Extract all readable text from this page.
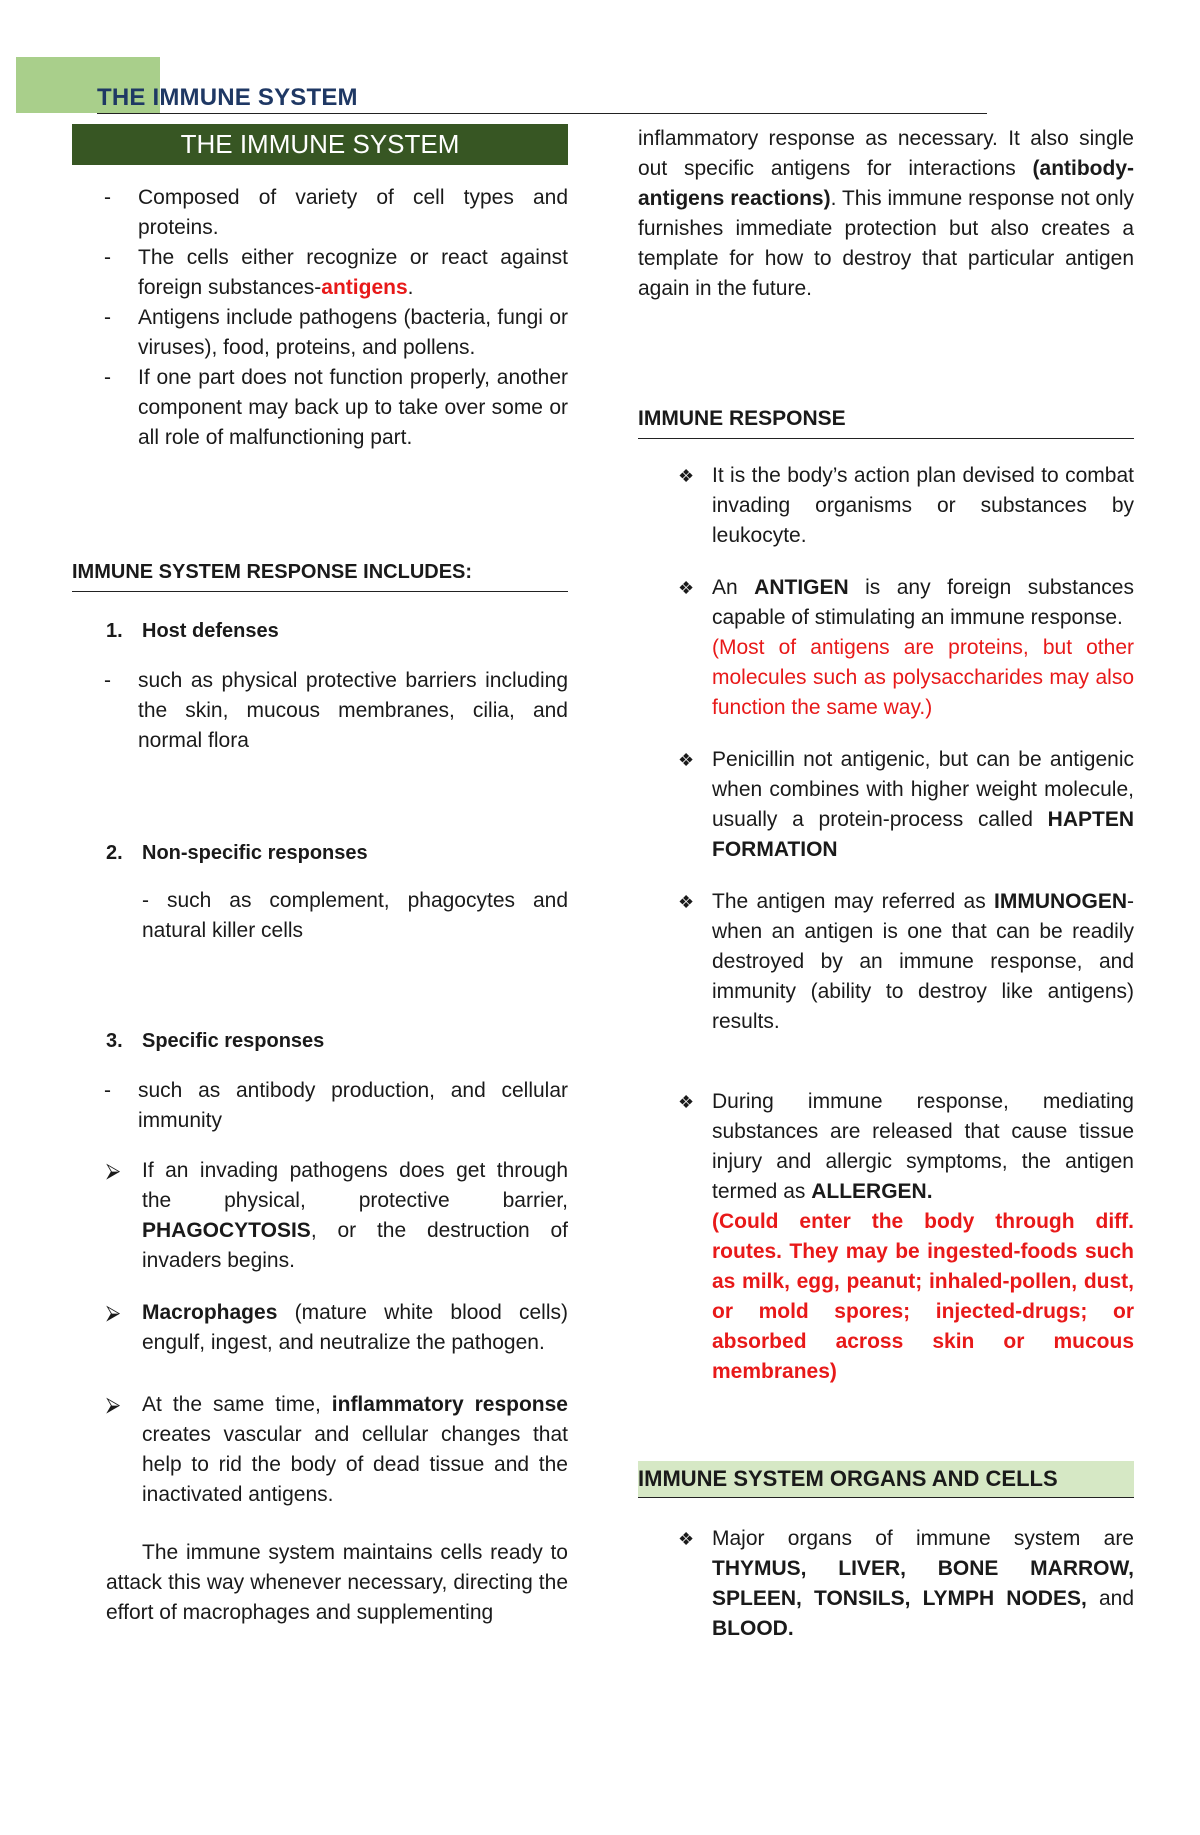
THE IMMUNE SYSTEM
THE IMMUNE SYSTEM
-	Composed of variety of cell types and proteins.
-	The cells either recognize or react against foreign substances-antigens.
-	Antigens include pathogens (bacteria, fungi or viruses), food, proteins, and pollens.
-	If one part does not function properly, another component may back up to take over some or all role of malfunctioning part.
IMMUNE SYSTEM RESPONSE INCLUDES:
1. Host defenses
-	such as physical protective barriers including the skin, mucous membranes, cilia, and normal flora
2. Non-specific responses
- such as complement, phagocytes and natural killer cells
3. Specific responses
-	such as antibody production, and cellular immunity
⮚	If an invading pathogens does get through the physical, protective barrier, PHAGOCYTOSIS, or the destruction of invaders begins.
⮚	Macrophages (mature white blood cells) engulf, ingest, and neutralize the pathogen.
⮚	At the same time, inflammatory response creates vascular and cellular changes that help to rid the body of dead tissue and the inactivated antigens.
The immune system maintains cells ready to attack this way whenever necessary, directing the effort of macrophages and supplementing
inflammatory response as necessary. It also single out specific antigens for interactions (antibody-antigens reactions). This immune response not only furnishes immediate protection but also creates a template for how to destroy that particular antigen again in the future.
IMMUNE RESPONSE
❖ It is the body’s action plan devised to combat invading organisms or substances by leukocyte.
❖ An ANTIGEN is any foreign substances capable of stimulating an immune response.
(Most of antigens are proteins, but other molecules such as polysaccharides may also function the same way.)
❖ Penicillin not antigenic, but can be antigenic when combines with higher weight molecule, usually a protein-process called HAPTEN FORMATION
❖ The antigen may referred as IMMUNOGEN- when an antigen is one that can be readily destroyed by an immune response, and immunity (ability to destroy like antigens) results.
❖ During immune response, mediating substances are released that cause tissue injury and allergic symptoms, the antigen termed as ALLERGEN.
(Could enter the body through diff. routes. They may be ingested-foods such as milk, egg, peanut; inhaled-pollen, dust, or mold spores; injected-drugs; or absorbed across skin or mucous membranes)
IMMUNE SYSTEM ORGANS AND CELLS
❖ Major organs of immune system are THYMUS, LIVER, BONE MARROW, SPLEEN, TONSILS, LYMPH NODES, and BLOOD.
